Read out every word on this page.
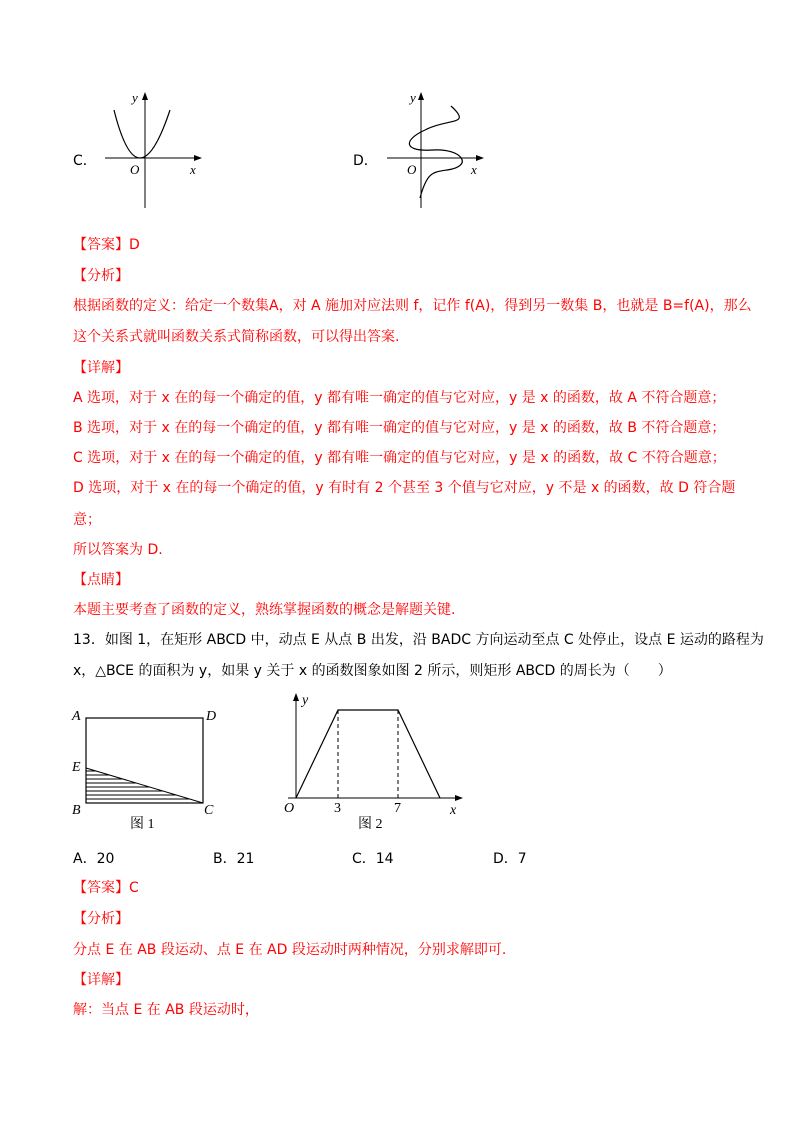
C．
y
x
O
D．
y
x
O
【答案】D
【分析】
根据函数的定义：给定一个数集A，对 A 施加对应法则 f，记作 f(A)，得到另一数集 B，也就是 B=f(A)，那么
这个关系式就叫函数关系式简称函数，可以得出答案.
【详解】
A 选项，对于 x 在的每一个确定的值，y 都有唯一确定的值与它对应，y 是 x 的函数，故 A 不符合题意；
B 选项，对于 x 在的每一个确定的值，y 都有唯一确定的值与它对应，y 是 x 的函数，故 B 不符合题意；
C 选项，对于 x 在的每一个确定的值，y 都有唯一确定的值与它对应，y 是 x 的函数，故 C 不符合题意；
D 选项，对于 x 在的每一个确定的值，y 有时有 2 个甚至 3 个值与它对应，y 不是 x 的函数，故 D 符合题
意；
所以答案为 D.
【点睛】
本题主要考查了函数的定义，熟练掌握函数的概念是解题关键.
13．如图 1，在矩形 ABCD 中，动点 E 从点 B 出发，沿 BADC 方向运动至点 C 处停止，设点 E 运动的路程为
x，△BCE 的面积为 y，如果 y 关于 x 的函数图象如图 2 所示，则矩形 ABCD 的周长为（　　）
A	D
E
B	C
图 1
y
x
O	3	7
图 2
A．20	B．21	C．14	D．7
【答案】C
【分析】
分点 E 在 AB 段运动、点 E 在 AD 段运动时两种情况，分别求解即可.
【详解】
解：当点 E 在 AB 段运动时，
